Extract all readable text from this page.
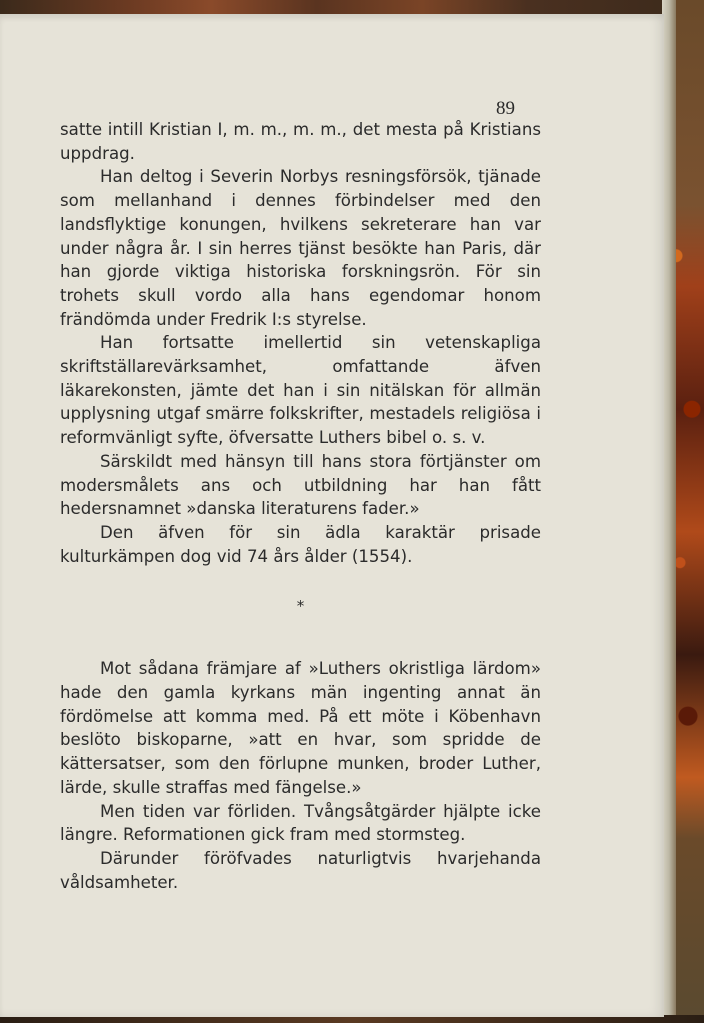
89

satte intill Kristian I, m. m., m. m., det mesta på Kristians uppdrag.

Han deltog i Severin Norbys resningsförsök, tjänade som mellanhand i dennes förbindelser med den landsflyktige konungen, hvilkens sekreterare han var under några år. I sin herres tjänst besökte han Paris, där han gjorde viktiga historiska forskningsrön. För sin trohets skull vordo alla hans egendomar honom frändömda under Fredrik I:s styrelse.

Han fortsatte imellertid sin vetenskapliga skriftställarevärksamhet, omfattande äfven läkarekonsten, jämte det han i sin nitälskan för allmän upplysning utgaf smärre folkskrifter, mestadels religiösa i reformvänligt syfte, öfversatte Luthers bibel o. s. v.

Särskildt med hänsyn till hans stora förtjänster om modersmålets ans och utbildning har han fått hedersnamnet »danska literaturens fader.»

Den äfven för sin ädla karaktär prisade kulturkämpen dog vid 74 års ålder (1554).

*

Mot sådana främjare af »Luthers okristliga lärdom» hade den gamla kyrkans män ingenting annat än fördömelse att komma med. På ett möte i Köbenhavn beslöto biskoparne, »att en hvar, som spridde de kättersatser, som den förlupne munken, broder Luther, lärde, skulle straffas med fängelse.»

Men tiden var förliden. Tvångsåtgärder hjälpte icke längre. Reformationen gick fram med stormsteg.

Därunder föröfvades naturligtvis hvarjehanda våldsamheter.
